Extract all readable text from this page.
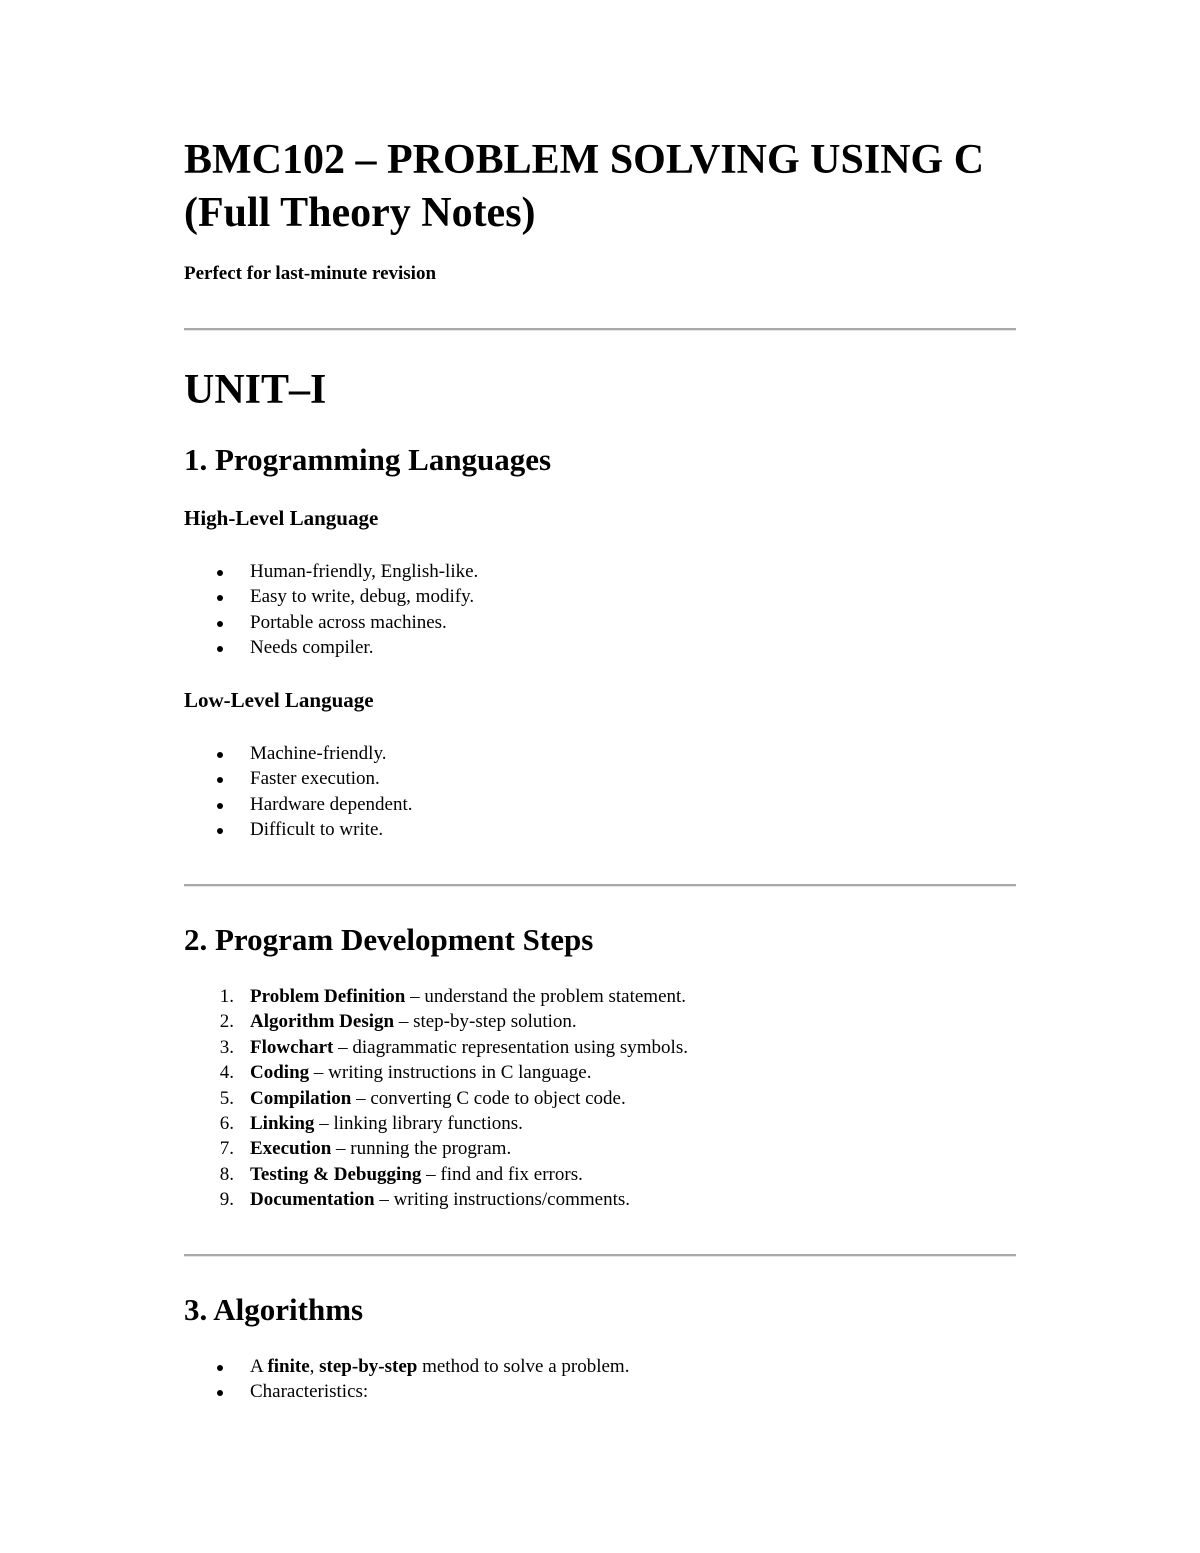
BMC102 – PROBLEM SOLVING USING C (Full Theory Notes)

Perfect for last-minute revision

UNIT–I
1. Programming Languages
High-Level Language
Human-friendly, English-like.
Easy to write, debug, modify.
Portable across machines.
Needs compiler.
Low-Level Language
Machine-friendly.
Faster execution.
Hardware dependent.
Difficult to write.
2. Program Development Steps
1. Problem Definition – understand the problem statement.
2. Algorithm Design – step-by-step solution.
3. Flowchart – diagrammatic representation using symbols.
4. Coding – writing instructions in C language.
5. Compilation – converting C code to object code.
6. Linking – linking library functions.
7. Execution – running the program.
8. Testing & Debugging – find and fix errors.
9. Documentation – writing instructions/comments.
3. Algorithms
A finite, step-by-step method to solve a problem.
Characteristics:
